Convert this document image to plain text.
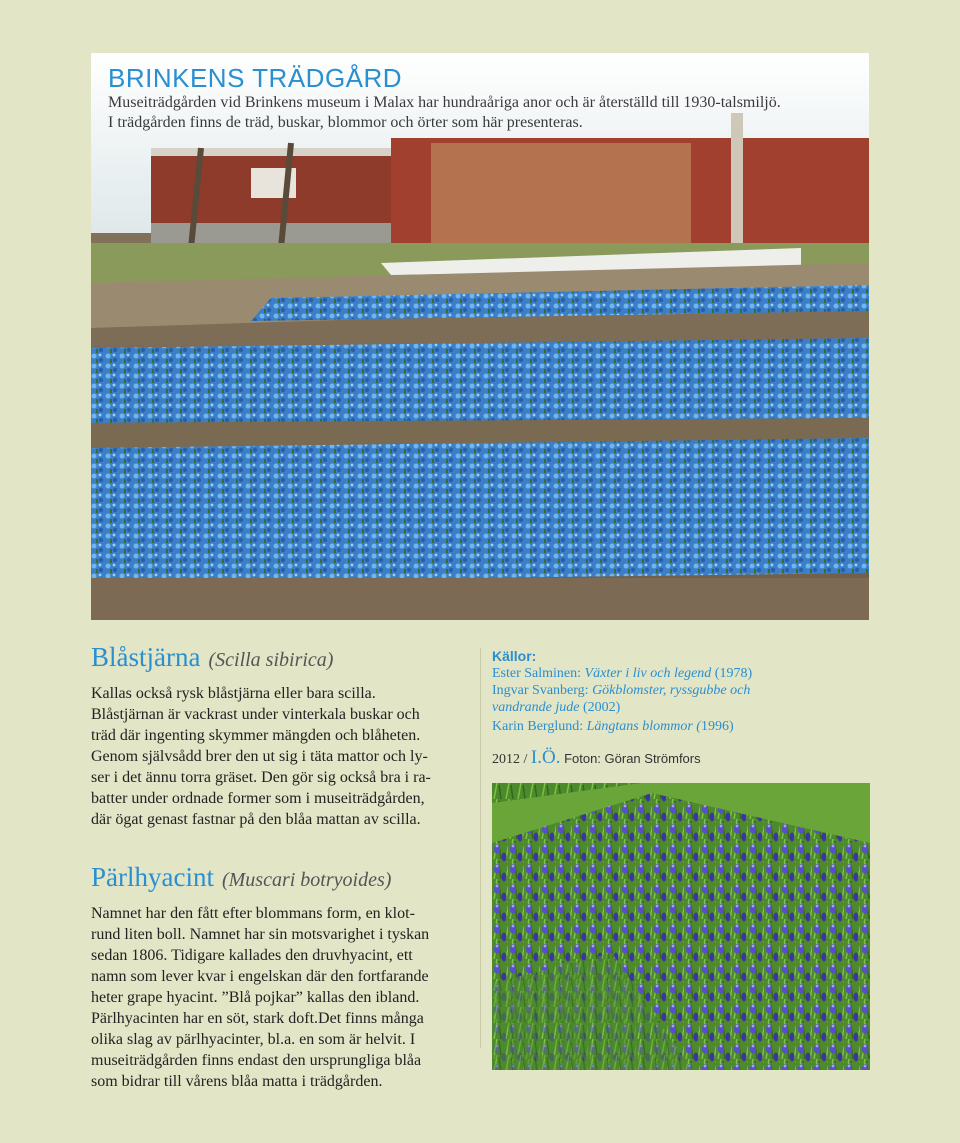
BRINKENS TRÄDGÅRD
Museiträdgården vid Brinkens museum i Malax har hundraåriga anor och är återställd till 1930-talsmiljö.
I trädgården finns de träd, buskar, blommor och örter som här presenteras.
Blåstjärna (Scilla sibirica)

Kallas också rysk blåstjärna eller bara scilla.

Blåstjärnan är vackrast under vinterkala buskar och

träd där ingenting skymmer mängden och blåheten.

Genom självsådd brer den ut sig i täta mattor och ly-

ser i det ännu torra gräset. Den gör sig också bra i ra-

batter under ordnade former som i museiträdgården,

där ögat genast fastnar på den blåa mattan av scilla.

Pärlhyacint (Muscari botryoides)

Namnet har den fått efter blommans form, en klot-

rund liten boll. Namnet har sin motsvarighet i tyskan

sedan 1806. Tidigare kallades den druvhyacint, ett

namn som lever kvar i engelskan där den fortfarande

heter grape hyacint. ”Blå pojkar” kallas den ibland.

Pärlhyacinten har en söt, stark doft.Det finns många

olika slag av pärlhyacinter, bl.a. en som är helvit. I

museiträdgården finns endast den ursprungliga blåa

som bidrar till vårens blåa matta i trädgården.

Källor:
Ester Salminen: Växter i liv och legend (1978)
Ingvar Svanberg: Gökblomster, ryssgubbe och
vandrande jude (2002)
Karin Berglund: Längtans blommor (1996)
2012 / I.Ö. Foton: Göran Strömfors
